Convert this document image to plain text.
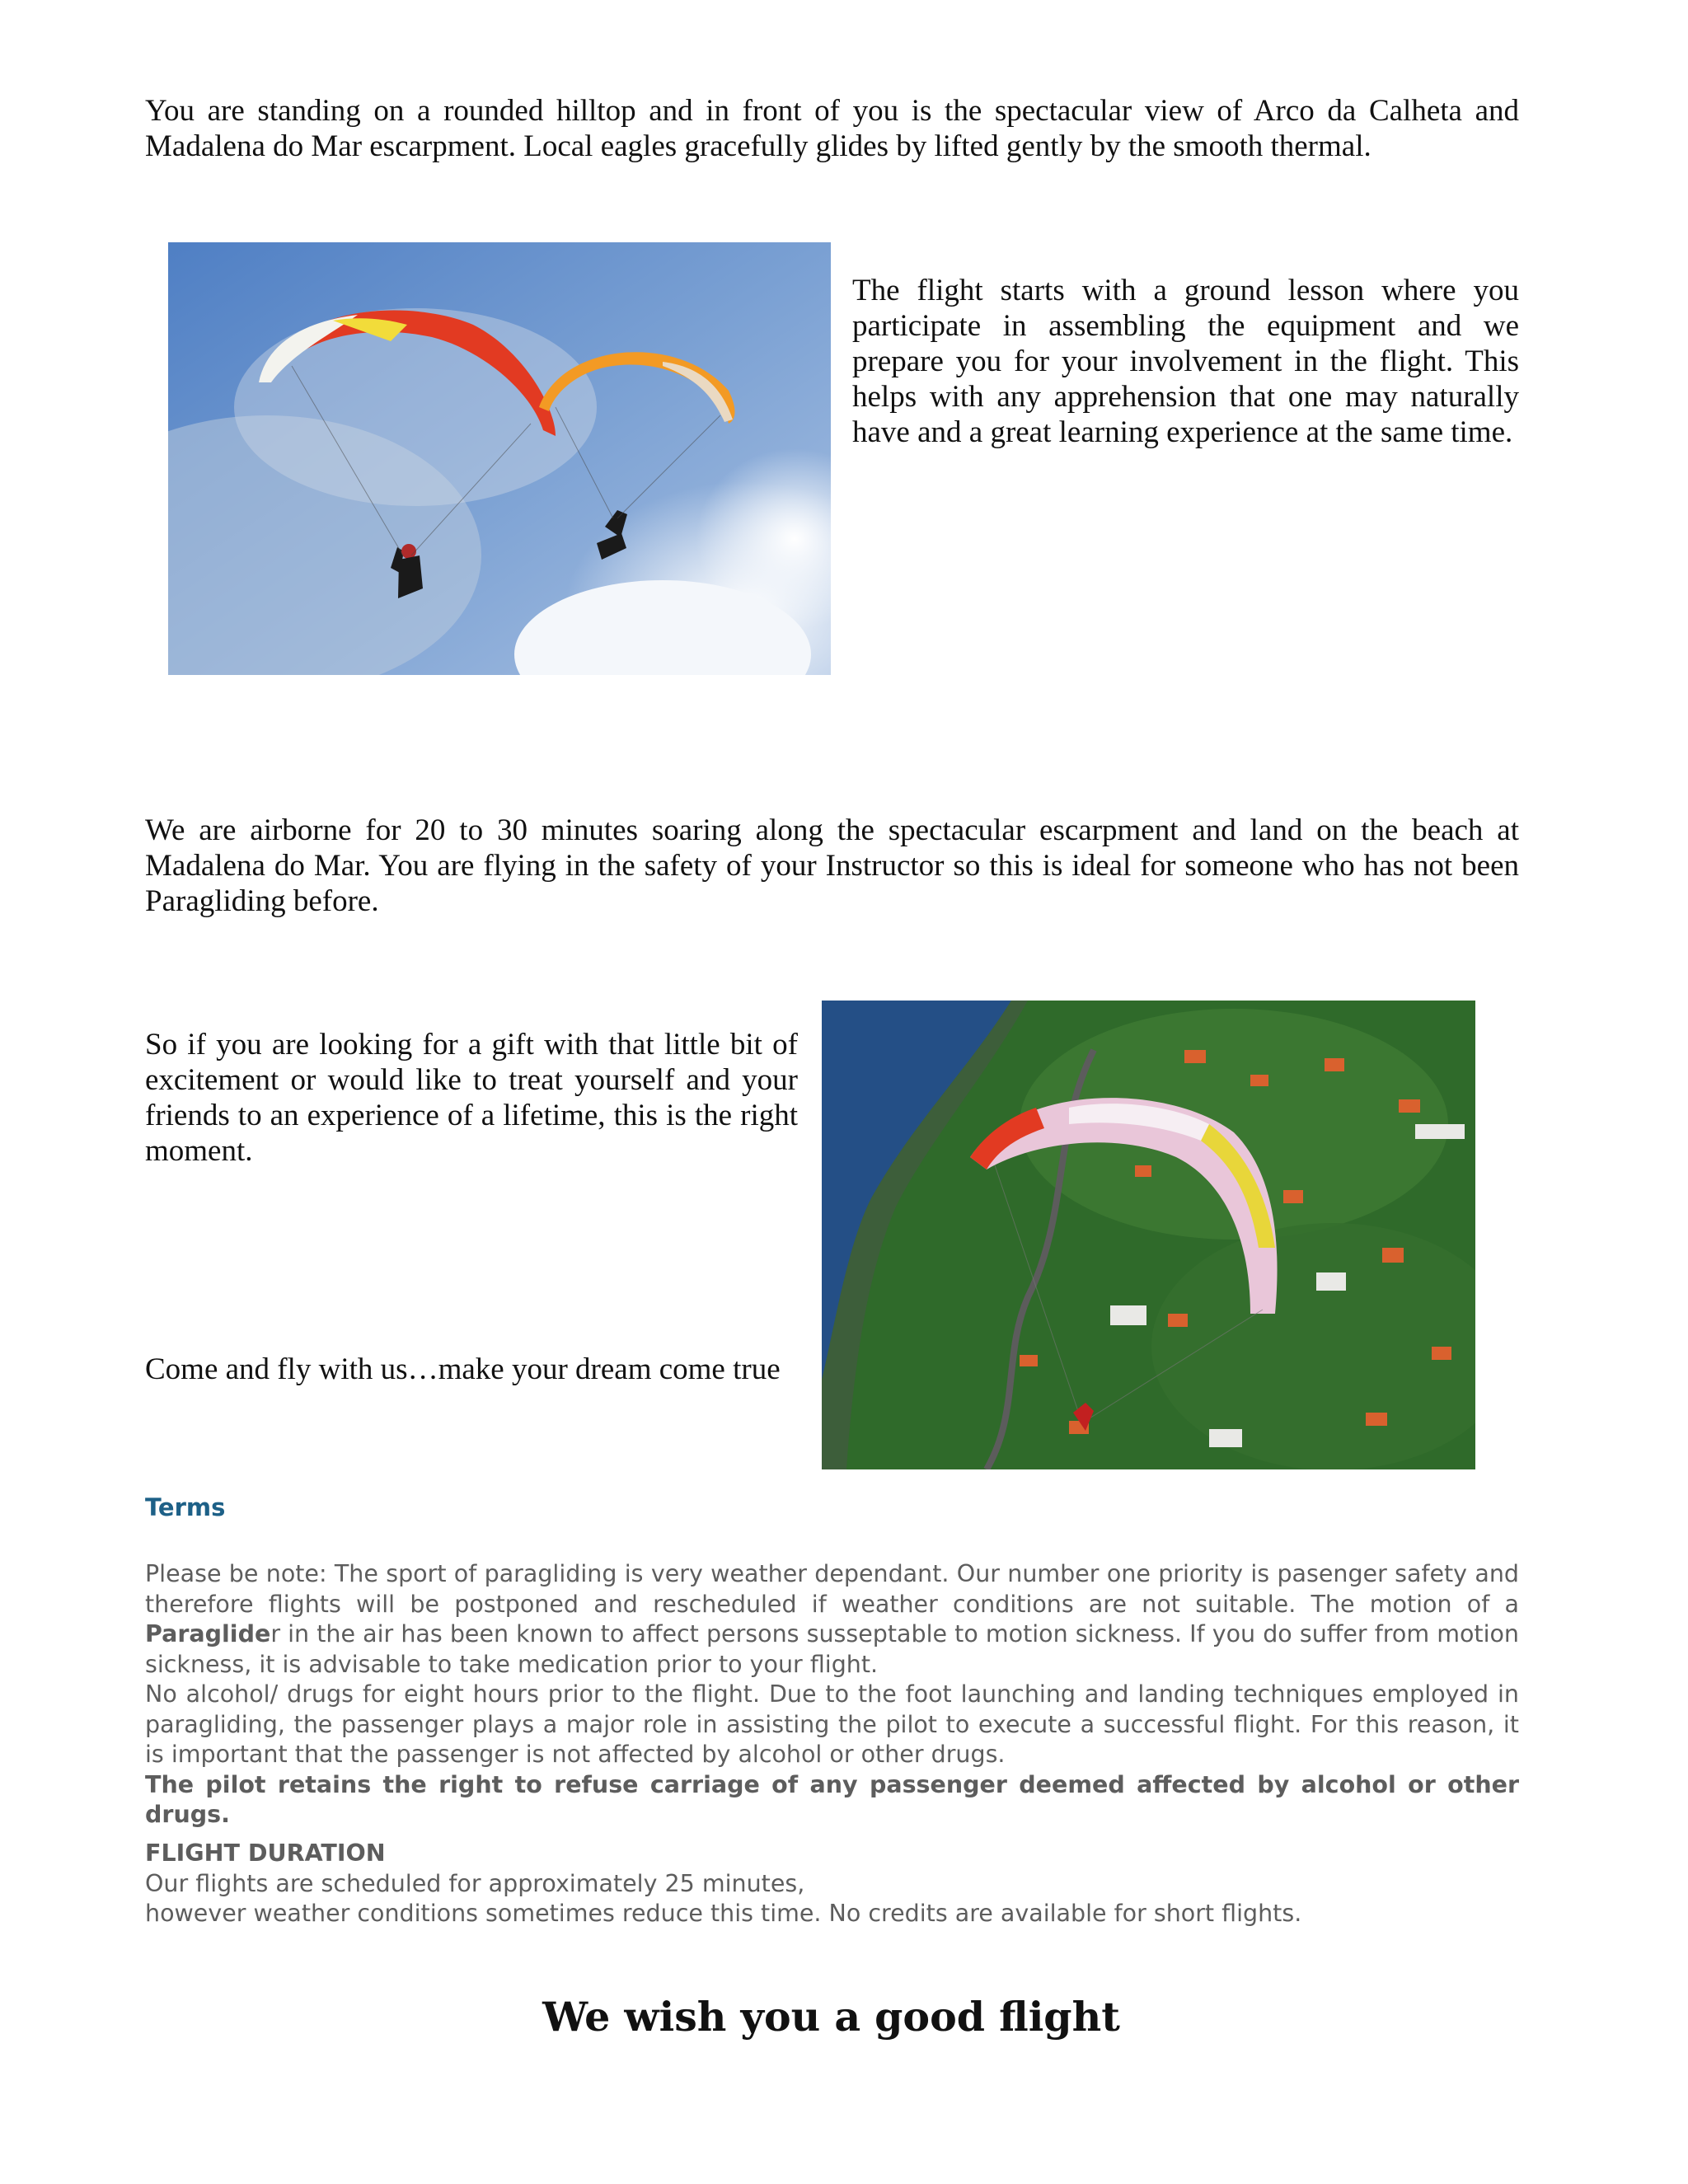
You are standing on a rounded hilltop and in front of you is the spectacular view of Arco da Calheta and Madalena do Mar escarpment. Local eagles gracefully glides by lifted gently by the smooth thermal.

The flight starts with a ground lesson where you participate in assembling the equipment and we prepare you for your involvement in the flight. This helps with any apprehension that one may naturally have and a great learning experience at the same time.

We are airborne for 20 to 30 minutes soaring along the spectacular escarpment and land on the beach at Madalena do Mar. You are flying in the safety of your Instructor so this is ideal for someone who has not been Paragliding before.

So if you are looking for a gift with that little bit of excitement or would like to treat yourself and your friends to an experience of a lifetime, this is the right moment.

Come and fly with us…make your dream come true

Terms

Please be note: The sport of paragliding is very weather dependant. Our number one priority is pasenger safety and therefore flights will be postponed and rescheduled if weather conditions are not suitable. The motion of a Paraglider in the air has been known to affect persons susseptable to motion sickness. If you do suffer from motion sickness, it is advisable to take medication prior to your flight.

No alcohol/ drugs for eight hours prior to the flight. Due to the foot launching and landing techniques employed in paragliding, the passenger plays a major role in assisting the pilot to execute a successful flight. For this reason, it is important that the passenger is not affected by alcohol or other drugs.

The pilot retains the right to refuse carriage of any passenger deemed affected by alcohol or other drugs.

FLIGHT DURATION
Our flights are scheduled for approximately 25 minutes,
however weather conditions sometimes reduce this time. No credits are available for short flights.
We wish you a good flight
